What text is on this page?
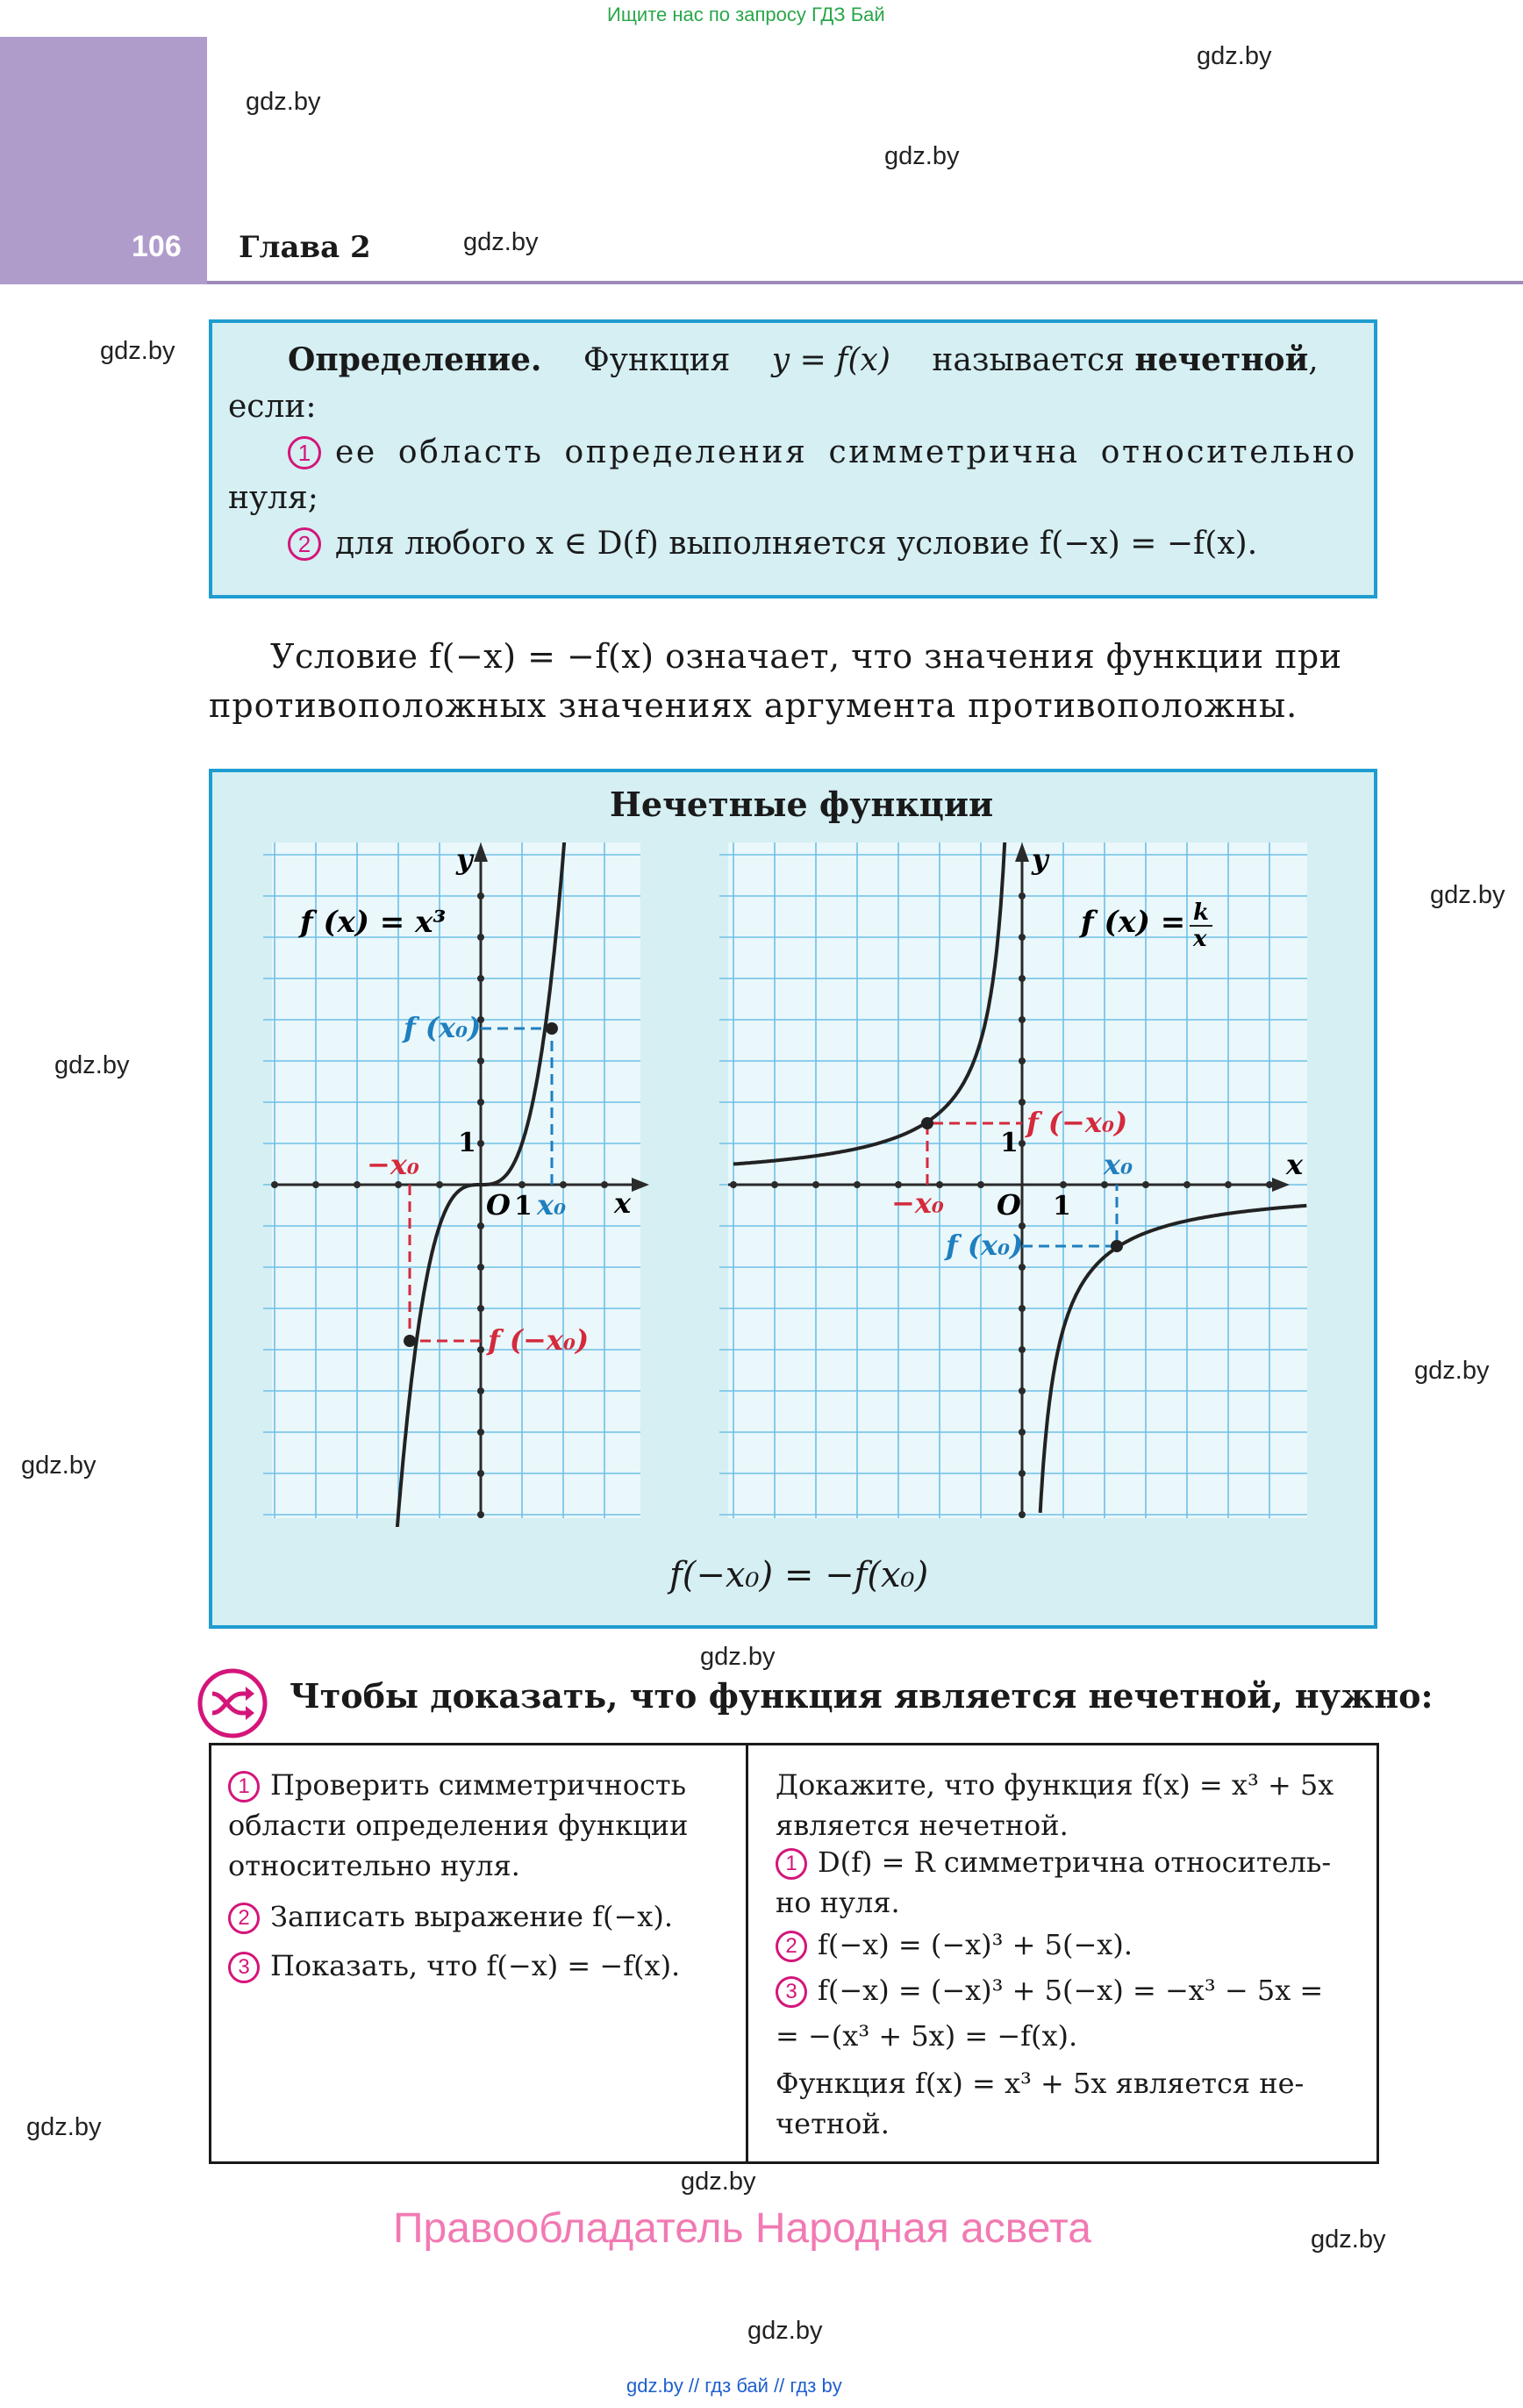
Ищите нас по запросу ГДЗ Бай
106 Глава 2
gdz.by
gdz.by
gdz.by
gdz.by
gdz.by
gdz.by
gdz.by
gdz.by
gdz.by
gdz.by
gdz.by
gdz.by
gdz.by
gdz.by
Определение. Функция y = f(x) называется нечетной,
если:
1 ее область определения симметрична относительно
нуля;
2 для любого x ∈ D(f) выполняется условие f(−x) = −f(x).
Условие f(−x) = −f(x) означает, что значения функции при
противоположных значениях аргумента противоположны.
Нечетные функции
f (x) = x³
f (x₀)
−x₀
f (−x₀)
x₀
O 1
1
x
y
f (x) = k
x
f (−x₀)
−x₀
x₀
f (x₀)
O 1
1
x
y
f(−x₀) = −f(x₀)
Чтобы доказать, что функция является нечетной, нужно:
1 Проверить симметричность
области определения функции
относительно нуля.
2 Записать выражение f(−x).
3 Показать, что f(−x) = −f(x).
Докажите, что функция f(x) = x³ + 5x
является нечетной.
1 D(f) = R симметрична относитель-
но нуля.
2 f(−x) = (−x)³ + 5(−x).
3 f(−x) = (−x)³ + 5(−x) = −x³ − 5x =
= −(x³ + 5x) = −f(x).
Функция f(x) = x³ + 5x является не-
четной.
Правообладатель Народная асвета
gdz.by // гдз бай // гдз by
